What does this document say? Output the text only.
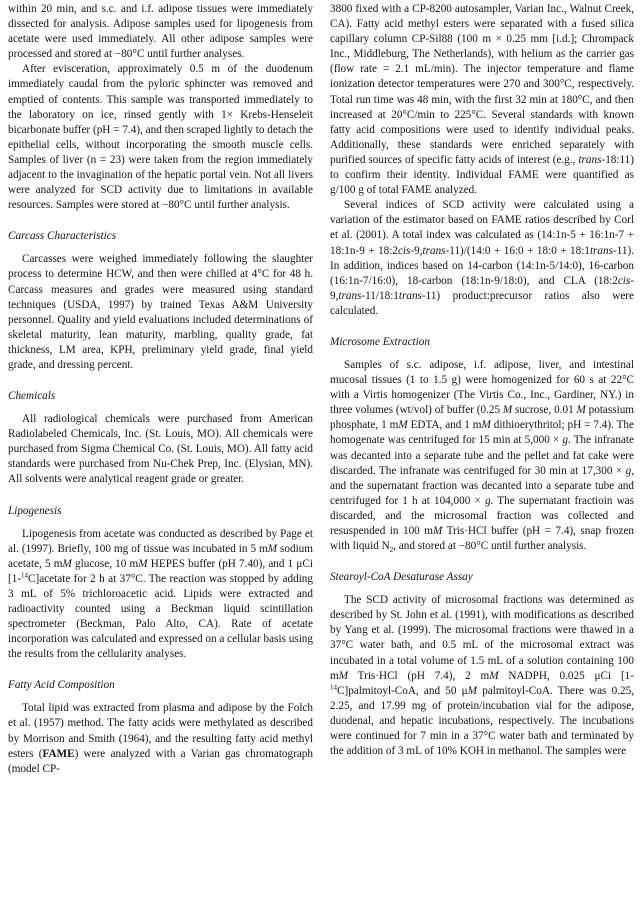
within 20 min, and s.c. and i.f. adipose tissues were immediately dissected for analysis. Adipose samples used for lipogenesis from acetate were used immediately. All other adipose samples were processed and stored at −80°C until further analyses.

After evisceration, approximately 0.5 m of the duodenum immediately caudal from the pyloric sphincter was removed and emptied of contents. This sample was transported immediately to the laboratory on ice, rinsed gently with 1× Krebs-Henseleit bicarbonate buffer (pH = 7.4), and then scraped lightly to detach the epithelial cells, without incorporating the smooth muscle cells. Samples of liver (n = 23) were taken from the region immediately adjacent to the invagination of the hepatic portal vein. Not all livers were analyzed for SCD activity due to limitations in available resources. Samples were stored at −80°C until further analysis.

Carcass Characteristics

Carcasses were weighed immediately following the slaughter process to determine HCW, and then were chilled at 4°C for 48 h. Carcass measures and grades were measured using standard techniques (USDA, 1997) by trained Texas A&M University personnel. Quality and yield evaluations included determinations of skeletal maturity, lean maturity, marbling, quality grade, fat thickness, LM area, KPH, preliminary yield grade, final yield grade, and dressing percent.

Chemicals

All radiological chemicals were purchased from American Radiolabeled Chemicals, Inc. (St. Louis, MO). All chemicals were purchased from Sigma Chemical Co. (St. Louis, MO). All fatty acid standards were purchased from Nu-Chek Prep, Inc. (Elysian, MN). All solvents were analytical reagent grade or greater.

Lipogenesis

Lipogenesis from acetate was conducted as described by Page et al. (1997). Briefly, 100 mg of tissue was incubated in 5 mM sodium acetate, 5 mM glucose, 10 mM HEPES buffer (pH 7.40), and 1 μCi [1-$^{14}$C]acetate for 2 h at 37°C. The reaction was stopped by adding 3 mL of 5% trichloroacetic acid. Lipids were extracted and radioactivity counted using a Beckman liquid scintillation spectrometer (Beckman, Palo Alto, CA). Rate of acetate incorporation was calculated and expressed on a cellular basis using the results from the cellularity analyses.

Fatty Acid Composition

Total lipid was extracted from plasma and adipose by the Folch et al. (1957) method. The fatty acids were methylated as described by Morrison and Smith (1964), and the resulting fatty acid methyl esters (FAME) were analyzed with a Varian gas chromatograph (model CP-

3800 fixed with a CP-8200 autosampler, Varian Inc., Walnut Creek, CA). Fatty acid methyl esters were separated with a fused silica capillary column CP-Sil88 (100 m × 0.25 mm [i.d.]; Chrompack Inc., Middleburg, The Netherlands), with helium as the carrier gas (flow rate = 2.1 mL/min). The injector temperature and flame ionization detector temperatures were 270 and 300°C, respectively. Total run time was 48 min, with the first 32 min at 180°C, and then increased at 20°C/min to 225°C. Several standards with known fatty acid compositions were used to identify individual peaks. Additionally, these standards were enriched separately with purified sources of specific fatty acids of interest (e.g., trans-18:11) to confirm their identity. Individual FAME were quantified as g/100 g of total FAME analyzed.

Several indices of SCD activity were calculated using a variation of the estimator based on FAME ratios described by Corl et al. (2001). A total index was calculated as (14:1n-5 + 16:1n-7 + 18:1n-9 + 18:2cis-9,trans-11)/(14:0 + 16:0 + 18:0 + 18:1trans-11). In addition, indices based on 14-carbon (14:1n-5/14:0), 16-carbon (16:1n-7/16:0), 18-carbon (18:1n-9/18:0), and CLA (18:2cis-9,trans-11/18:1trans-11) product:precursor ratios also were calculated.

Microsome Extraction

Samples of s.c. adipose, i.f. adipose, liver, and intestinal mucosal tissues (1 to 1.5 g) were homogenized for 60 s at 22°C with a Virtis homogenizer (The Virtis Co., Inc., Gardiner, NY.) in three volumes (wt/vol) of buffer (0.25 M sucrose, 0.01 M potassium phosphate, 1 mM EDTA, and 1 mM dithioerythritol; pH = 7.4). The homogenate was centrifuged for 15 min at 5,000 × g. The infranate was decanted into a separate tube and the pellet and fat cake were discarded. The infranate was centrifuged for 30 min at 17,300 × g, and the supernatant fraction was decanted into a separate tube and centrifuged for 1 h at 104,000 × g. The supernatant fractioin was discarded, and the microsomal fraction was collected and resuspended in 100 mM Tris·HCl buffer (pH = 7.4), snap frozen with liquid $N_2$, and stored at −80°C until further analysis.

Stearoyl-CoA Desaturase Assay

The SCD activity of microsomal fractions was determined as described by St. John et al. (1991), with modifications as described by Yang et al. (1999). The microsomal fractions were thawed in a 37°C water bath, and 0.5 mL of the microsomal extract was incubated in a total volume of 1.5 mL of a solution containing 100 mM Tris·HCl (pH 7.4), 2 mM NADPH, 0.025 μCi [1-$^{14}$C]palmitoyl-CoA, and 50 μM palmitoyl-CoA. There was 0.25, 2.25, and 17.99 mg of protein/incubation vial for the adipose, duodenal, and hepatic incubations, respectively. The incubations were continued for 7 min in a 37°C water bath and terminated by the addition of 3 mL of 10% KOH in methanol. The samples were
